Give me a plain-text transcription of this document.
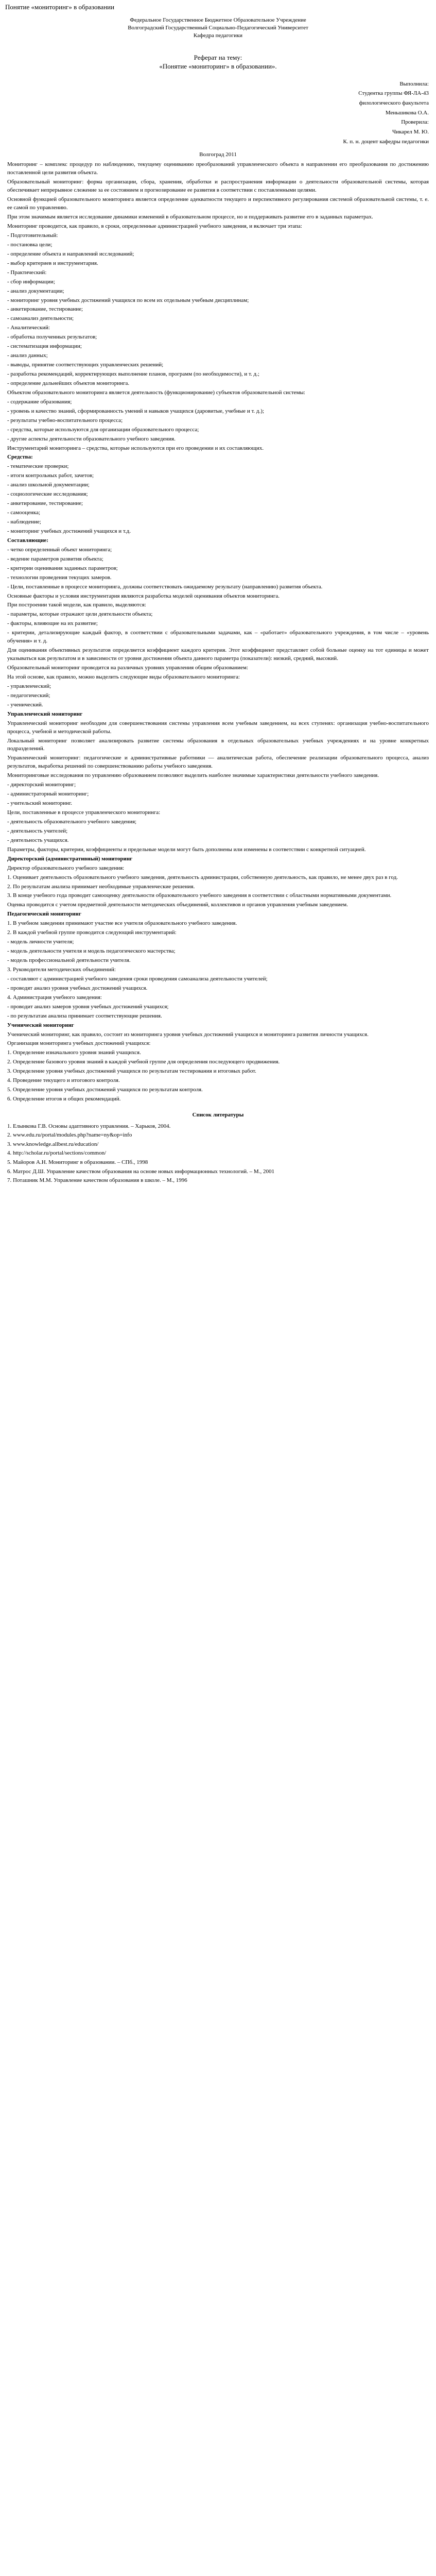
Понятие «мониторинг» в образовании
Федеральное Государственное Бюджетное Образовательное Учреждение
Волгоградский Государственный Социально-Педагогический Университет
Кафедра педагогики
Реферат на тему:
«Понятие «мониторинг» в образовании».
Выполнила:
Студентка группы ФЯ-ЛА-43
филологического факультета
Меньшикова О.А.
Проверила:
Чикарел М. Ю.
К. п. н. доцент кафедры педагогики
Волгоград 2011

Мониторинг – комплекс процедур по наблюдению, текущему оцениванию преобразований управленческого объекта в направлении его преобразования по достижению поставленной цели развития объекта.

Образовательный мониторинг: форма организации, сбора, хранения, обработки и распространения информации о деятельности образовательной системы, которая обеспечивает непрерывное слежение за ее состоянием и прогнозирование ее развития в соответствии с поставленными целями.

Основной функцией образовательного мониторинга является определение адекватности текущего и перспективного регулирования системой образовательной системы, т. е. ее самой по управлению.

При этом значимым является исследование динамики изменений в образовательном процессе, но и поддерживать развитие его в заданных параметрах.

Мониторинг проводится, как правило, в сроки, определенные администрацией учебного заведения, и включает три этапа:

- Подготовительный:

- постановка цели;

- определение объекта и направлений исследований;

- выбор критериев и инструментария.

- Практический:

- сбор информации;

- анализ документации;

- мониторинг уровня учебных достижений учащихся по всем их отдельным учебным дисциплинам;

- анкетирование, тестирование;

- самоанализ деятельности;

- Аналитический:

- обработка полученных результатов;

- систематизация информации;

- анализ данных;

- выводы, принятие соответствующих управленческих решений;

- разработка рекомендаций, корректирующих выполнение планов, программ (по необходимости), и т. д.;

- определение дальнейших объектов мониторинга.

Объектом образовательного мониторинга является деятельность (функционирование) субъектов образовательной системы:

- содержание образования;

- уровень и качество знаний, сформированность умений и навыков учащихся (даровитые, учебные и т. д.);

- результаты учебно-воспитательного процесса;

- средства, которые используются для организации образовательного процесса;

- другие аспекты деятельности образовательного учебного заведения.

Инструментарий мониторинга – средства, которые используются при его проведении и их составляющих.

Средства:

- тематические проверки;

- итоги контрольных работ, зачетов;

- анализ школьной документации;

- социологические исследования;

- анкетирование, тестирование;

- самооценка;

- наблюдение;

- мониторинг учебных достижений учащихся и т.д.

Составляющие:

- четко определенный объект мониторинга;

- ведение параметров развития объекта;

- критерии оценивания заданных параметров;

- технологии проведения текущих замеров.

- Цели, поставленные в процессе мониторинга, должны соответствовать ожидаемому результату (направлению) развития объекта.

Основные факторы и условия инструментария являются разработка моделей оценивания объектов мониторинга.

При построении такой модели, как правило, выделяются:

- параметры, которые отражают цели деятельности объекта;

- факторы, влияющие на их развитие;

- критерии, детализирующие каждый фактор, в соответствии с образовательными задачами, как – «работает» образовательного учреждения, в том числе – «уровень обучения» и т. д.

Для оценивания объективных результатов определяется коэффициент каждого критерия. Этот коэффициент представляет собой больные оценку на тот единицы и может указываться как результатом и в зависимости от уровня достижения объекта данного параметра (показатели): низкий, средний, высокий.

Образовательный мониторинг проводится на различных уровнях управления общим образованием:

На этой основе, как правило, можно выделить следующие виды образовательного мониторинга:

- управленческий;

- педагогический;

- ученический.

Управленческий мониторинг

Управленческий мониторинг необходим для совершенствования системы управления всем учебным заведением, на всех ступенях: организация учебно-воспитательного процесса, учебной и методической работы.

Локальный мониторинг позволяет анализировать развитие системы образования в отдельных образовательных учебных учреждениях и на уровне конкретных подразделений.

Управленческий мониторинг: педагогические и административные работники — аналитическая работа, обеспечение реализации образовательного процесса, анализ результатов, выработка решений по совершенствованию работы учебного заведения.

Мониторинговые исследования по управлению образованием позволяют выделить наиболее значимые характеристики деятельности учебного заведения.

- директорский мониторинг;

- администраторный мониторинг;

- учительский мониторинг.

Цели, поставленные в процессе управленческого мониторинга:

- деятельность образовательного учебного заведения;

- деятельность учителей;

- деятельность учащихся.

Параметры, факторы, критерии, коэффициенты и предельные модели могут быть дополнены или изменены в соответствии с конкретной ситуацией.

Директорский (административный) мониторинг

Директор образовательного учебного заведения:

1. Оценивает деятельность образовательного учебного заведения, деятельность администрации, собственную деятельность, как правило, не менее двух раз в год.

2. По результатам анализа принимает необходимые управленческие решения.

3. В конце учебного года проводит самооценку деятельности образовательного учебного заведения в соответствии с областными нормативными документами.

Оценка проводится с учетом предметной деятельности методических объединений, коллективов и органов управления учебным заведением.

Педагогический мониторинг

1. В учебном заведении принимают участие все учителя образовательного учебного заведения.

2. В каждой учебной группе проводится следующий инструментарий:

- модель личности учителя;

- модель деятельности учителя и модель педагогического мастерства;

- модель профессиональной деятельности учителя.

3. Руководители методических объединений:

- составляют с администрацией учебного заведения сроки проведения самоанализа деятельности учителей;

- проводят анализ уровня учебных достижений учащихся.

4. Администрация учебного заведения:

- проводит анализ замеров уровня учебных достижений учащихся;

- по результатам анализа принимает соответствующие решения.

Ученический мониторинг

Ученический мониторинг, как правило, состоит из мониторинга уровня учебных достижений учащихся и мониторинга развития личности учащихся.

Организация мониторинга учебных достижений учащихся:

1. Определение изначального уровня знаний учащихся.

2. Определение базового уровня знаний в каждой учебной группе для определения последующего продвижения.

3. Определение уровня учебных достижений учащихся по результатам тестирования и итоговых работ.

4. Проведение текущего и итогового контроля.

5. Определение уровня учебных достижений учащихся по результатам контроля.

6. Определение итогов и общих рекомендаций.

Список литературы
1. Елынкова Г.В. Основы адаптивного управления. – Харьков, 2004.
2. www.edu.ru/portal/modules.php?name=ny&op=info
3. www.knowledge.allbest.ru/education/
4. http://scholar.ru/portal/sections/common/
5. Майоров А.Н. Мониторинг в образовании. – СПб., 1998
6. Матрос Д.Ш. Управление качеством образования на основе новых информационных технологий. – М., 2001
7. Поташник М.М. Управление качеством образования в школе. – М., 1996
